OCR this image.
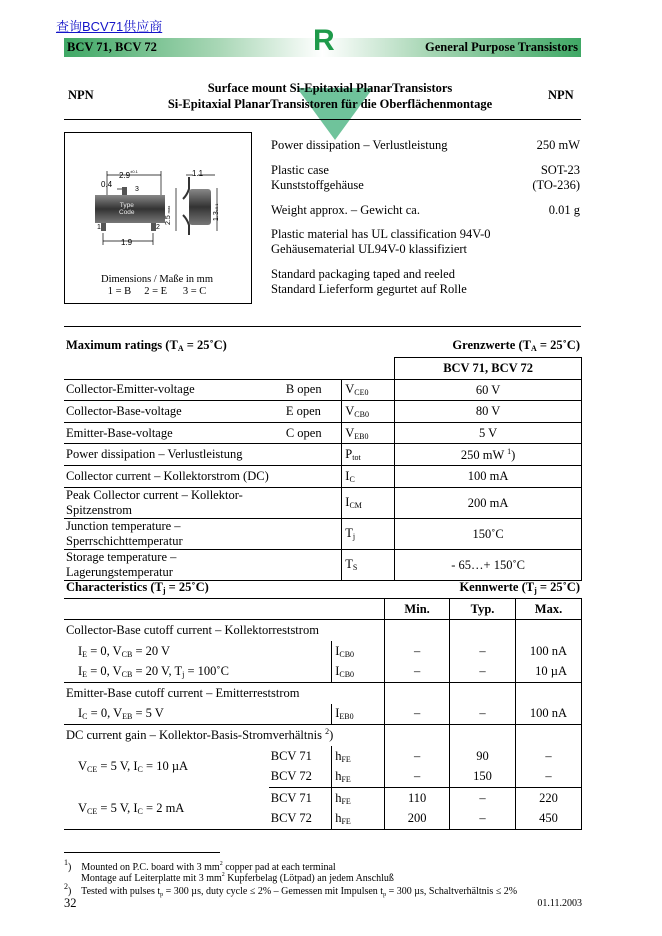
查询BCV71供应商
BCV 71, BCV 72	General Purpose Transistors
R
NPN	NPN
Surface mount Si-Epitaxial PlanarTransistors
Si-Epitaxial PlanarTransistoren für die Oberflächenmontage
$2.9^{\pm 0.1}$
0.4
3
1	2
1.9
Type
Code
2.5 max
1.3±0.1
1.1
Dimensions / Maße in mm
1 = B 2 = E 3 = C
Power dissipation – Verlustleistung	250 mW
Plastic case
Kunststoffgehäuse
SOT-23
(TO-236)
Weight approx. – Gewicht ca.	0.01 g
Plastic material has UL classification 94V-0
Gehäusematerial UL94V-0 klassifiziert
Standard packaging taped and reeled
Standard Lieferform gegurtet auf Rolle
Maximum ratings ($T_A$ = 25˚C)	Grenzwerte ($T_A$ = 25˚C)
			BCV 71, BCV 72
Collector-Emitter-voltage	B open	$V_{CE0}$	60 V
Collector-Base-voltage	E open	$V_{CB0}$	80 V
Emitter-Base-voltage	C open	$V_{EB0}$	5 V
Power dissipation – Verlustleistung		$P_{tot}$	250 mW $^1$)
Collector current – Kollektorstrom (DC)		$I_C$	100 mA
Peak Collector current – Kollektor-Spitzenstrom		$I_{CM}$	200 mA
Junction temperature – Sperrschichttemperatur		$T_j$	150˚C
Storage temperature – Lagerungstemperatur		$T_S$	- 65…+ 150˚C
Characteristics ($T_j$ = 25˚C)	Kennwerte ($T_j$ = 25˚C)
			Min.	Typ.	Max.
Collector-Base cutoff current – Kollektorreststrom					
$I_E = 0$, $V_{CB} = 20$ V		$I_{CB0}$	–	–	100 nA
$I_E = 0$, $V_{CB} = 20$ V, $T_j$ = 100˚C		$I_{CB0}$	–	–	10 µA
Emitter-Base cutoff current – Emitterreststrom					
$I_C = 0$, $V_{EB} = 5$ V		$I_{EB0}$	–	–	100 nA
DC current gain – Kollektor-Basis-Stromverhältnis $^2$)					
$V_{CE} = 5$ V, $I_C = 10$ µA	BCV 71	$h_{FE}$	–	90	–
	BCV 72	$h_{FE}$	–	150	–
$V_{CE} = 5$ V, $I_C = 2$ mA	BCV 71	$h_{FE}$	110	–	220
	BCV 72	$h_{FE}$	200	–	450
$^1$)    Mounted on P.C. board with 3 $mm^2$ copper pad at each terminal
Montage auf Leiterplatte mit 3 $mm^2$ Kupferbelag (Lötpad) an jedem Anschluß
$^2$)    Tested with pulses $t_p = 300$ µs, duty cycle ≤ 2% – Gemessen mit Impulsen $t_p = 300$ µs, Schaltverhältnis ≤ 2%
32	01.11.2003
